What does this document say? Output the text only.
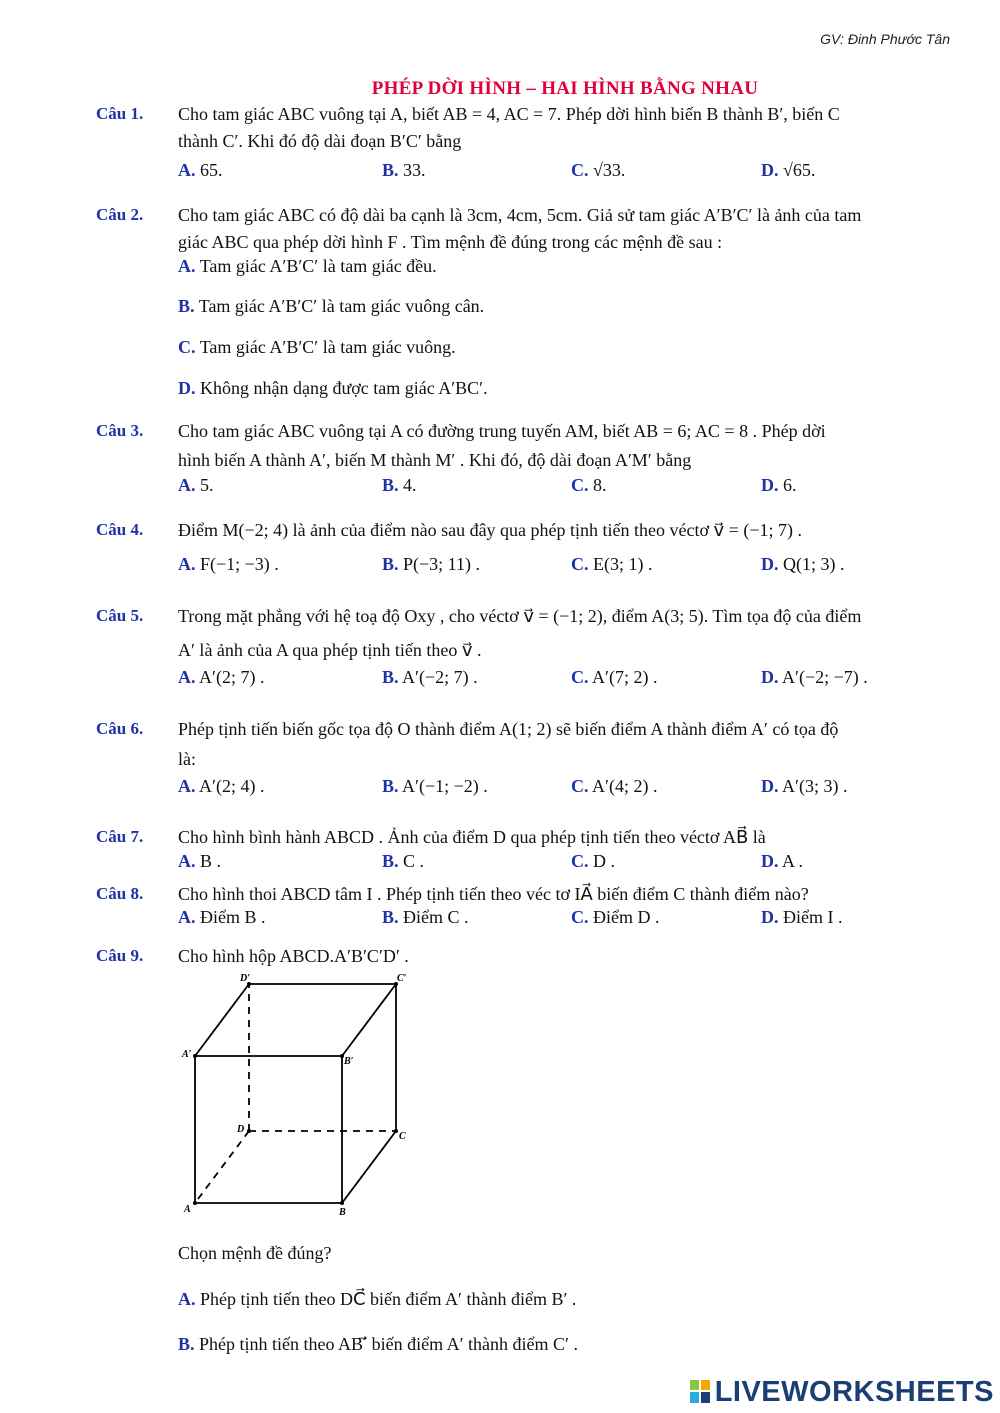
GV: Đinh Phước Tân
PHÉP DỜI HÌNH – HAI HÌNH BẰNG NHAU
Câu 1. Cho tam giác ABC vuông tại A, biết AB = 4, AC = 7. Phép dời hình biến B thành B′, biến C
thành C′. Khi đó độ dài đoạn B′C′ bằng
A. 65.	B. 33.	C. √33.	D. √65.
Câu 2. Cho tam giác ABC có độ dài ba cạnh là 3cm, 4cm, 5cm. Giả sử tam giác A′B′C′ là ảnh của tam
giác ABC qua phép dời hình F . Tìm mệnh đề đúng trong các mệnh đề sau :
A. Tam giác A′B′C′ là tam giác đều.
B. Tam giác A′B′C′ là tam giác vuông cân.
C. Tam giác A′B′C′ là tam giác vuông.
D. Không nhận dạng được tam giác A′BC′.
Câu 3. Cho tam giác ABC vuông tại A có đường trung tuyến AM, biết AB = 6; AC = 8 . Phép dời
hình biến A thành A′, biến M thành M′ . Khi đó, độ dài đoạn A′M′ bằng
A. 5.	B. 4.	C. 8.	D. 6.
Câu 4. Điểm M(−2; 4) là ảnh của điểm nào sau đây qua phép tịnh tiến theo véctơ v⃗ = (−1; 7) .
A. F(−1; −3) .	B. P(−3; 11) .	C. E(3; 1) .	D. Q(1; 3) .
Câu 5. Trong mặt phẳng với hệ toạ độ Oxy , cho véctơ v⃗ = (−1; 2), điểm A(3; 5). Tìm tọa độ của điểm
A′ là ảnh của A qua phép tịnh tiến theo v⃗ .
A. A′(2; 7) .	B. A′(−2; 7) .	C. A′(7; 2) .	D. A′(−2; −7) .
Câu 6. Phép tịnh tiến biến gốc tọa độ O thành điểm A(1; 2) sẽ biến điểm A thành điểm A′ có tọa độ
là:
A. A′(2; 4) .	B. A′(−1; −2) .	C. A′(4; 2) .	D. A′(3; 3) .
Câu 7. Cho hình bình hành ABCD . Ảnh của điểm D qua phép tịnh tiến theo véctơ AB⃗ là
A. B .	B. C .	C. D .	D. A .
Câu 8. Cho hình thoi ABCD tâm I . Phép tịnh tiến theo véc tơ IA⃗ biến điểm C thành điểm nào?
A. Điểm B .	B. Điểm C .	C. Điểm D .	D. Điểm I .
Câu 9. Cho hình hộp ABCD.A′B′C′D′ .
D′	C′
A′
B′
D
C
A	B
Chọn mệnh đề đúng?
A. Phép tịnh tiến theo DC⃗ biến điểm A′ thành điểm B′ .
B. Phép tịnh tiến theo AB′⃗ biến điểm A′ thành điểm C′ .
LIVEWORKSHEETS
